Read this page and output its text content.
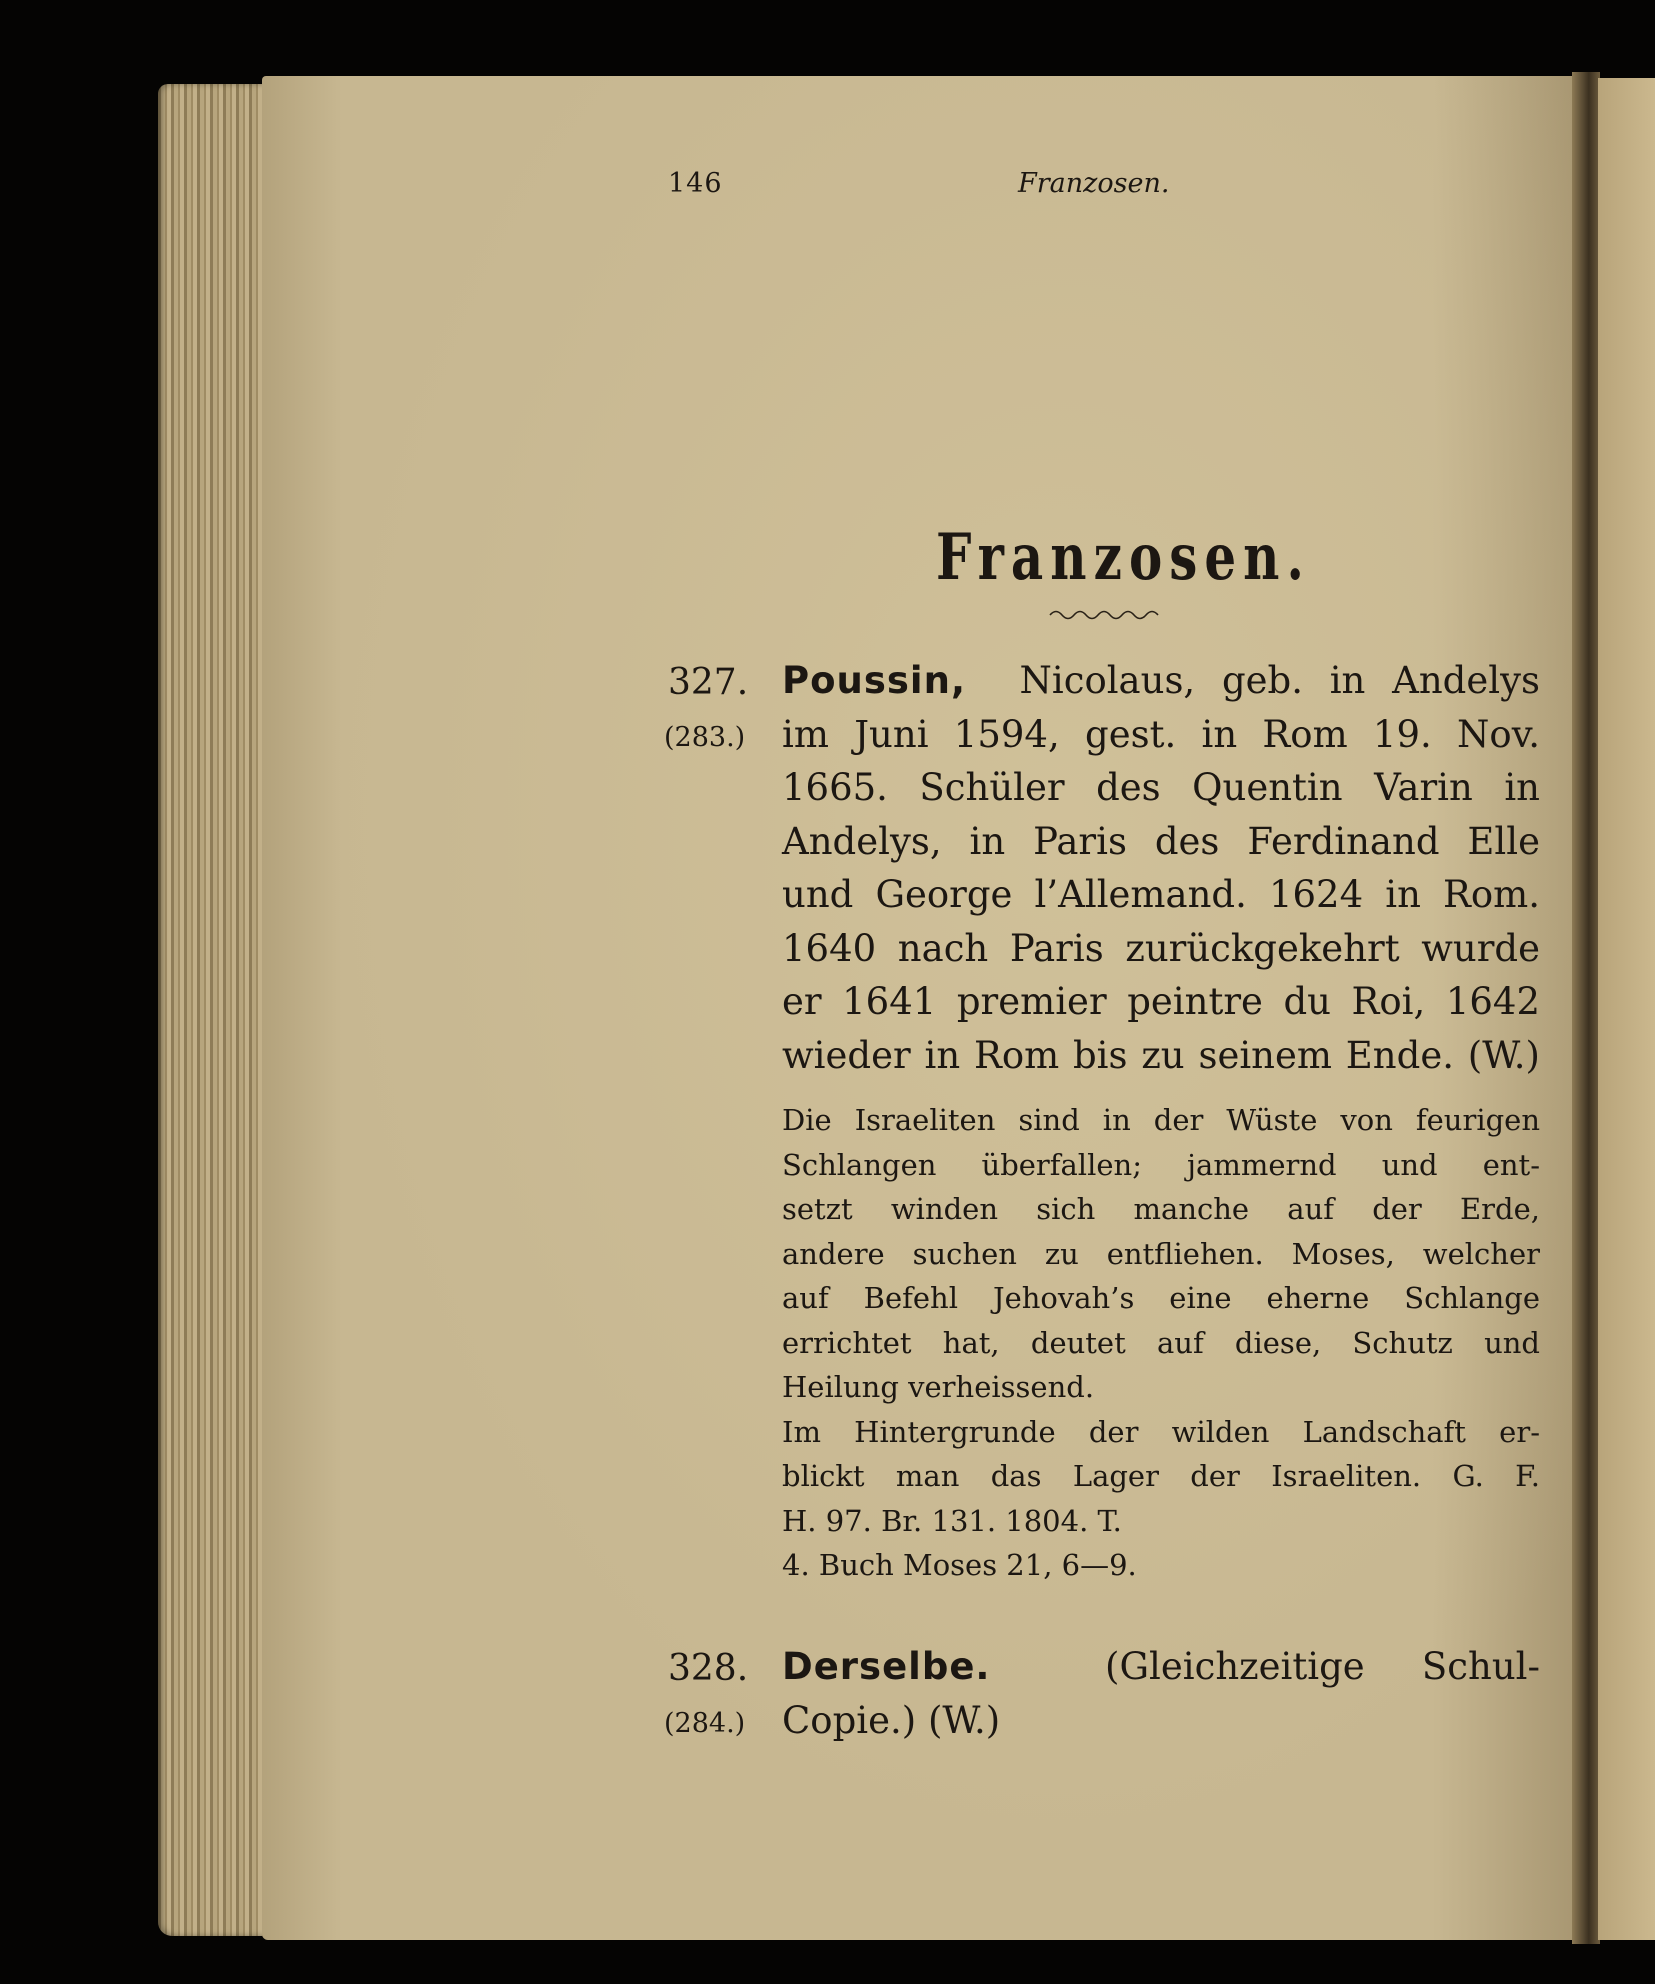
146	Franzosen.
Franzosen.
327.
(283.)
Poussin, Nicolaus, geb. in Andelys
im Juni 1594, gest. in Rom 19. Nov.
1665. Schüler des Quentin Varin in
Andelys, in Paris des Ferdinand Elle
und George l’Allemand. 1624 in Rom.
1640 nach Paris zurückgekehrt wurde
er 1641 premier peintre du Roi, 1642
wieder in Rom bis zu seinem Ende. (W.)
Die Israeliten sind in der Wüste von feurigen
Schlangen überfallen; jammernd und ent-
setzt winden sich manche auf der Erde,
andere suchen zu entfliehen. Moses, welcher
auf Befehl Jehovah’s eine eherne Schlange
errichtet hat, deutet auf diese, Schutz und
Heilung verheissend.
Im Hintergrunde der wilden Landschaft er-
blickt man das Lager der Israeliten. G. F.
H. 97. Br. 131. 1804. T.
4. Buch Moses 21, 6—9.
328.
(284.)
Derselbe.	(Gleichzeitige Schul-
Copie.) (W.)
